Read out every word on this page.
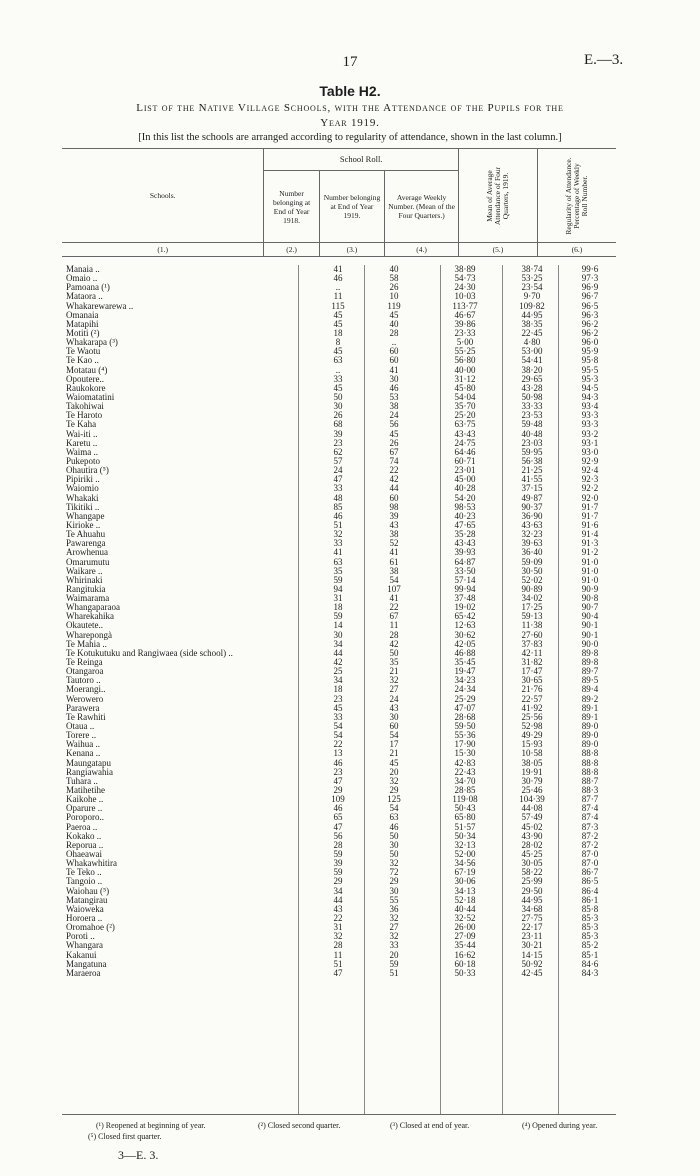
17	E.—3.
Table H2.
List of the Native Village Schools, with the Attendance of the Pupils for the
Year 1919.
[In this list the schools are arranged according to regularity of attendance, shown in the last column.]
Schools.	School Roll.			Mean of Average Attendance of Four Quarters, 1919.	Regularity of Attendance. Percentage of Weekly Roll Number.

	Number belonging at End of Year 1918.	Number belonging at End of Year 1919.	Average Weekly Number. (Mean of the Four Quarters.)		
(1.)	(2.)	(3.)	(4.)	(5.)	(6.)
Manaia ..	41	40	38·89	38·74	99·6
Omaio ..	46	58	54·73	53·25	97·3
Pamoana (¹)	..	26	24·30	23·54	96·9
Mataora ..	11	10	10·03	9·70	96·7
Whakarewarewa ..	115	119	113·77	109·82	96·5
Omanaia	45	45	46·67	44·95	96·3
Matapihi	45	40	39·86	38·35	96·2
Motiti (²)	18	28	23·33	22·45	96·2
Whakarapa (³)	8	..	5·00	4·80	96·0
Te Waotu	45	60	55·25	53·00	95·9
Te Kao ..	63	60	56·80	54·41	95·8
Motatau (⁴)	..	41	40·00	38·20	95·5
Opoutere..	33	30	31·12	29·65	95·3
Raukokore	45	46	45·80	43·28	94·5
Waiomatatini	50	53	54·04	50·98	94·3
Takohiwai	30	38	35·70	33·33	93·4
Te Haroto	26	24	25·20	23·53	93·3
Te Kaha	68	56	63·75	59·48	93·3
Wai-iti ..	39	45	43·43	40·48	93·2
Karetu ..	23	26	24·75	23·03	93·1
Waima ..	62	67	64·46	59·95	93·0
Pukepoto	57	74	60·71	56·38	92·9
Ohautira (⁵)	24	22	23·01	21·25	92·4
Pipiriki ..	47	42	45·00	41·55	92·3
Waiomio	33	44	40·28	37·15	92·2
Whakaki	48	60	54·20	49·87	92·0
Tikitiki ..	85	98	98·53	90·37	91·7
Whangape	46	39	40·23	36·90	91·7
Kirioke ..	51	43	47·65	43·63	91·6
Te Ahuahu	32	38	35·28	32·23	91·4
Pawarenga	33	52	43·43	39·63	91·3
Arowhenua	41	41	39·93	36·40	91·2
Omarumutu	63	61	64·87	59·09	91·0
Waikare ..	35	38	33·50	30·50	91·0
Whirinaki	59	54	57·14	52·02	91·0
Rangitukia	94	107	99·94	90·89	90·9
Waimarama	31	41	37·48	34·02	90·8
Whangaparaoa	18	22	19·02	17·25	90·7
Wharekahika	59	67	65·42	59·13	90·4
Okautete..	14	11	12·63	11·38	90·1
Wharepongà	30	28	30·62	27·60	90·1
Te Mahia ..	34	42	42·05	37·83	90·0
Te Kotukutuku and Rangiwaea (side school) ..	44	50	46·88	42·11	89·8
Te Reinga	42	35	35·45	31·82	89·8
Otangaroa	25	21	19·47	17·47	89·7
Tautoro ..	34	32	34·23	30·65	89·5
Moerangi..	18	27	24·34	21·76	89·4
Werowero	23	24	25·29	22·57	89·2
Parawera	45	43	47·07	41·92	89·1
Te Rawhiti	33	30	28·68	25·56	89·1
Otaua ..	54	60	59·50	52·98	89·0
Torere ..	54	54	55·36	49·29	89·0
Waihua ..	22	17	17·90	15·93	89·0
Kenana ..	13	21	15·30	10·58	88·8
Maungatapu	46	45	42·83	38·05	88·8
Rangiawahia	23	20	22·43	19·91	88·8
Tuhara ..	47	32	34·70	30·79	88·7
Matihetihe	29	29	28·85	25·46	88·3
Kaikohe ..	109	125	119·08	104·39	87·7
Oparure ..	46	54	50·43	44·08	87·4
Poroporo..	65	63	65·80	57·49	87·4
Paeroa ..	47	46	51·57	45·02	87·3
Kokako ..	56	50	50·34	43·90	87·2
Reporua ..	28	30	32·13	28·02	87·2
Ohaeawai	59	50	52·00	45·25	87·0
Whakawhitira	39	32	34·56	30·05	87·0
Te Teko ..	59	72	67·19	58·22	86·7
Tangoio ..	29	29	30·06	25·99	86·5
Waiohau (⁵)	34	30	34·13	29·50	86·4
Matangirau	44	55	52·18	44·95	86·1
Waioweka	43	36	40·44	34·68	85·8
Horoera ..	22	32	32·52	27·75	85·3
Oromahoe (²)	31	27	26·00	22·17	85·3
Poroti ..	32	32	27·09	23·11	85·3
Whangara	28	33	35·44	30·21	85·2
Kakanui	11	20	16·62	14·15	85·1
Mangatuna	51	59	60·18	50·92	84·6
Maraeroa	47	51	50·33	42·45	84·3
(¹) Reopened at beginning of year.	(²) Closed second quarter.	(³) Closed at end of year.	(⁴) Opened during year.
(⁵) Closed first quarter.
3—E. 3.
